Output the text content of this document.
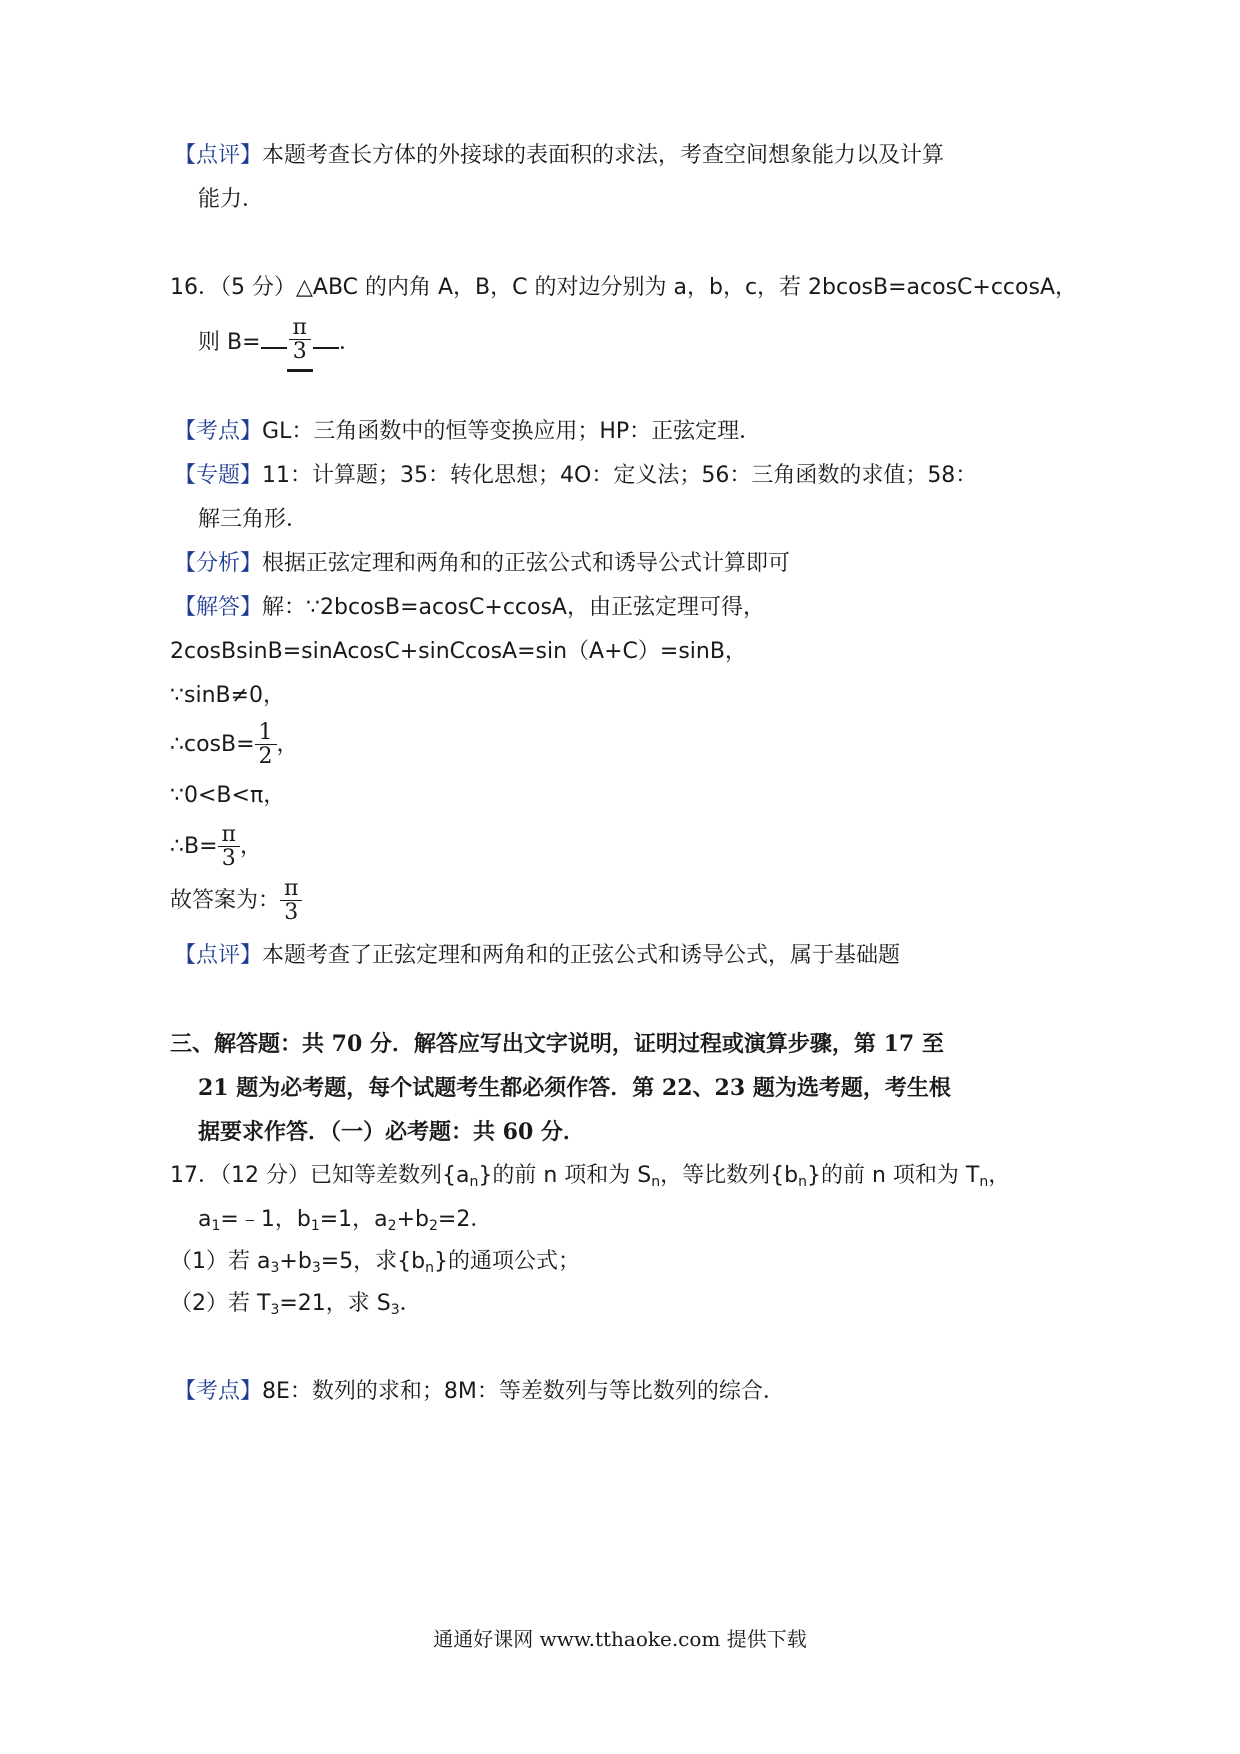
【点评】本题考查长方体的外接球的表面积的求法，考查空间想象能力以及计算
能力．
16．（5 分）△ABC 的内角 A，B，C 的对边分别为 a，b，c，若 2bcosB=acosC+ccosA，
则 $B= \frac{\pi}{3}$ ．
【考点】GL：三角函数中的恒等变换应用；HP：正弦定理．
【专题】11：计算题；35：转化思想；4O：定义法；56：三角函数的求值；58：
解三角形．
【分析】根据正弦定理和两角和的正弦公式和诱导公式计算即可
【解答】解：∵2bcosB=acosC+ccosA，由正弦定理可得，
2cosBsinB=sinAcosC+sinCcosA=sin（A+C）=sinB，
∵sinB≠0，
∴cosB= $\frac{1}{2}$ ，
∵0<B<π，
∴B= $\frac{\pi}{3}$ ，
故答案为： $\frac{\pi}{3}$
【点评】本题考查了正弦定理和两角和的正弦公式和诱导公式，属于基础题
三、解答题：共 70 分．解答应写出文字说明，证明过程或演算步骤，第 17 至
21 题为必考题，每个试题考生都必须作答．第 22、23 题为选考题，考生根
据要求作答．（一）必考题：共 60 分．
17．（12 分）已知等差数列$\{a_n\}$的前 n 项和为 $S_n$，等比数列$\{b_n\}$的前 n 项和为 $T_n$，
$a_1=﹣1$，$b_1=1$，$a_2+b_2=2$．
（1）若 $a_3+b_3=5$，求$\{b_n\}$的通项公式；
（2）若 $T_3=21$，求 $S_3$．
【考点】8E：数列的求和；8M：等差数列与等比数列的综合．
通通好课网 www.tthaoke.com 提供下载
